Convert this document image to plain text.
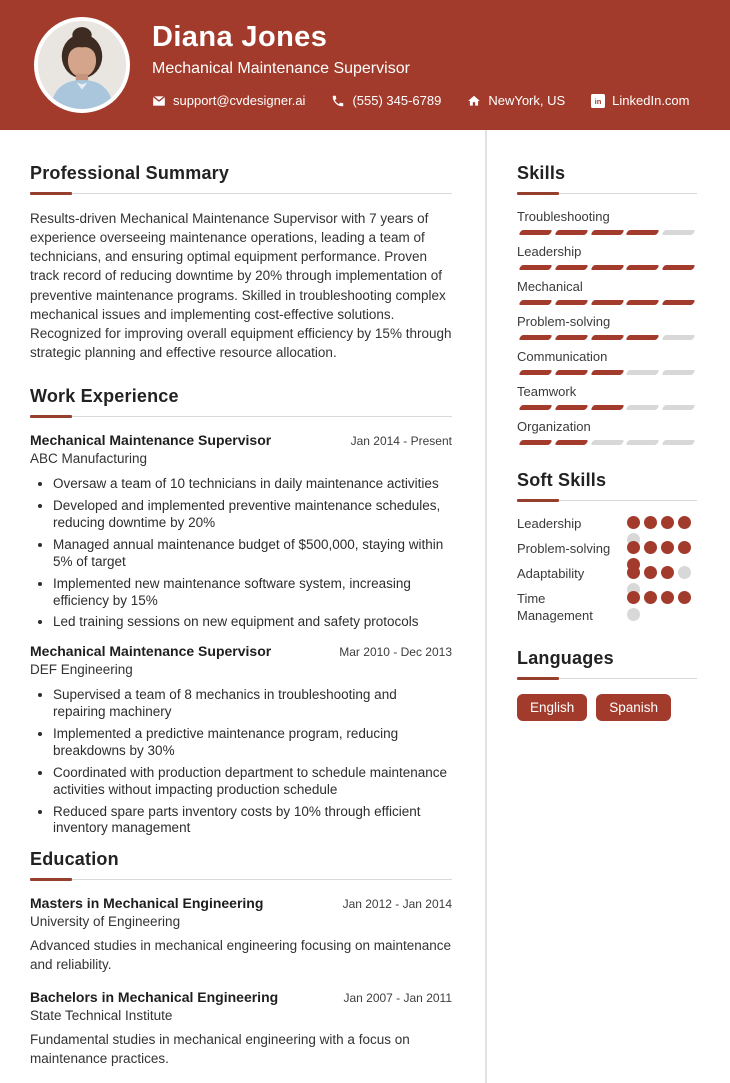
Diana Jones
Mechanical Maintenance Supervisor
support@cvdesigner.ai	(555) 345-6789	NewYork, US in LinkedIn.com
Professional Summary

Results-driven Mechanical Maintenance Supervisor with 7 years of experience overseeing maintenance operations, leading a team of technicians, and ensuring optimal equipment performance. Proven track record of reducing downtime by 20% through implementation of preventive maintenance programs. Skilled in troubleshooting complex mechanical issues and implementing cost-effective solutions. Recognized for improving overall equipment efficiency by 15% through strategic planning and effective resource allocation.

Work Experience
Mechanical Maintenance Supervisor	Jan 2014 - Present
ABC Manufacturing
• Oversaw a team of 10 technicians in daily maintenance activities
• Developed and implemented preventive maintenance schedules, reducing downtime by 20%
• Managed annual maintenance budget of $500,000, staying within 5% of target
• Implemented new maintenance software system, increasing efficiency by 15%
• Led training sessions on new equipment and safety protocols
Mechanical Maintenance Supervisor	Mar 2010 - Dec 2013
DEF Engineering
• Supervised a team of 8 mechanics in troubleshooting and repairing machinery
• Implemented a predictive maintenance program, reducing breakdowns by 30%
• Coordinated with production department to schedule maintenance activities without impacting production schedule
• Reduced spare parts inventory costs by 10% through efficient inventory management
Education
Masters in Mechanical Engineering	Jan 2012 - Jan 2014
University of Engineering

Advanced studies in mechanical engineering focusing on maintenance and reliability.

Bachelors in Mechanical Engineering	Jan 2007 - Jan 2011
State Technical Institute

Fundamental studies in mechanical engineering with a focus on maintenance practices.

Skills
Troubleshooting
Leadership
Mechanical
Problem-solving
Communication
Teamwork
Organization
Soft Skills
Leadership
Problem-solving
Adaptability
Time Management
Languages
English	Spanish
